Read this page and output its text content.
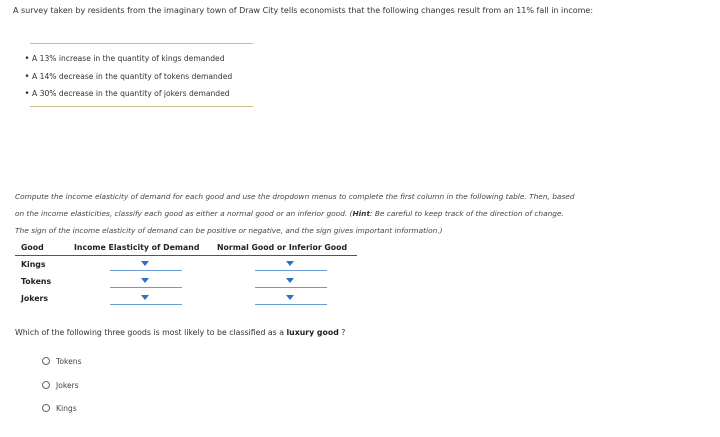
A survey taken by residents from the imaginary town of Draw City tells economists that the following changes result from an 11% fall in income:
• A 13% increase in the quantity of kings demanded
• A 14% decrease in the quantity of tokens demanded
• A 30% decrease in the quantity of jokers demanded
Compute the income elasticity of demand for each good and use the dropdown menus to complete the first column in the following table. Then, based
on the income elasticities, classify each good as either a normal good or an inferior good. (Hint: Be careful to keep track of the direction of change.
The sign of the income elasticity of demand can be positive or negative, and the sign gives important information.)
Good	Income Elasticity of Demand	Normal Good or Inferior Good
Kings	

Tokens	

Jokers	

Which of the following three goods is most likely to be classified as a luxury good ?
Tokens
Jokers
Kings
